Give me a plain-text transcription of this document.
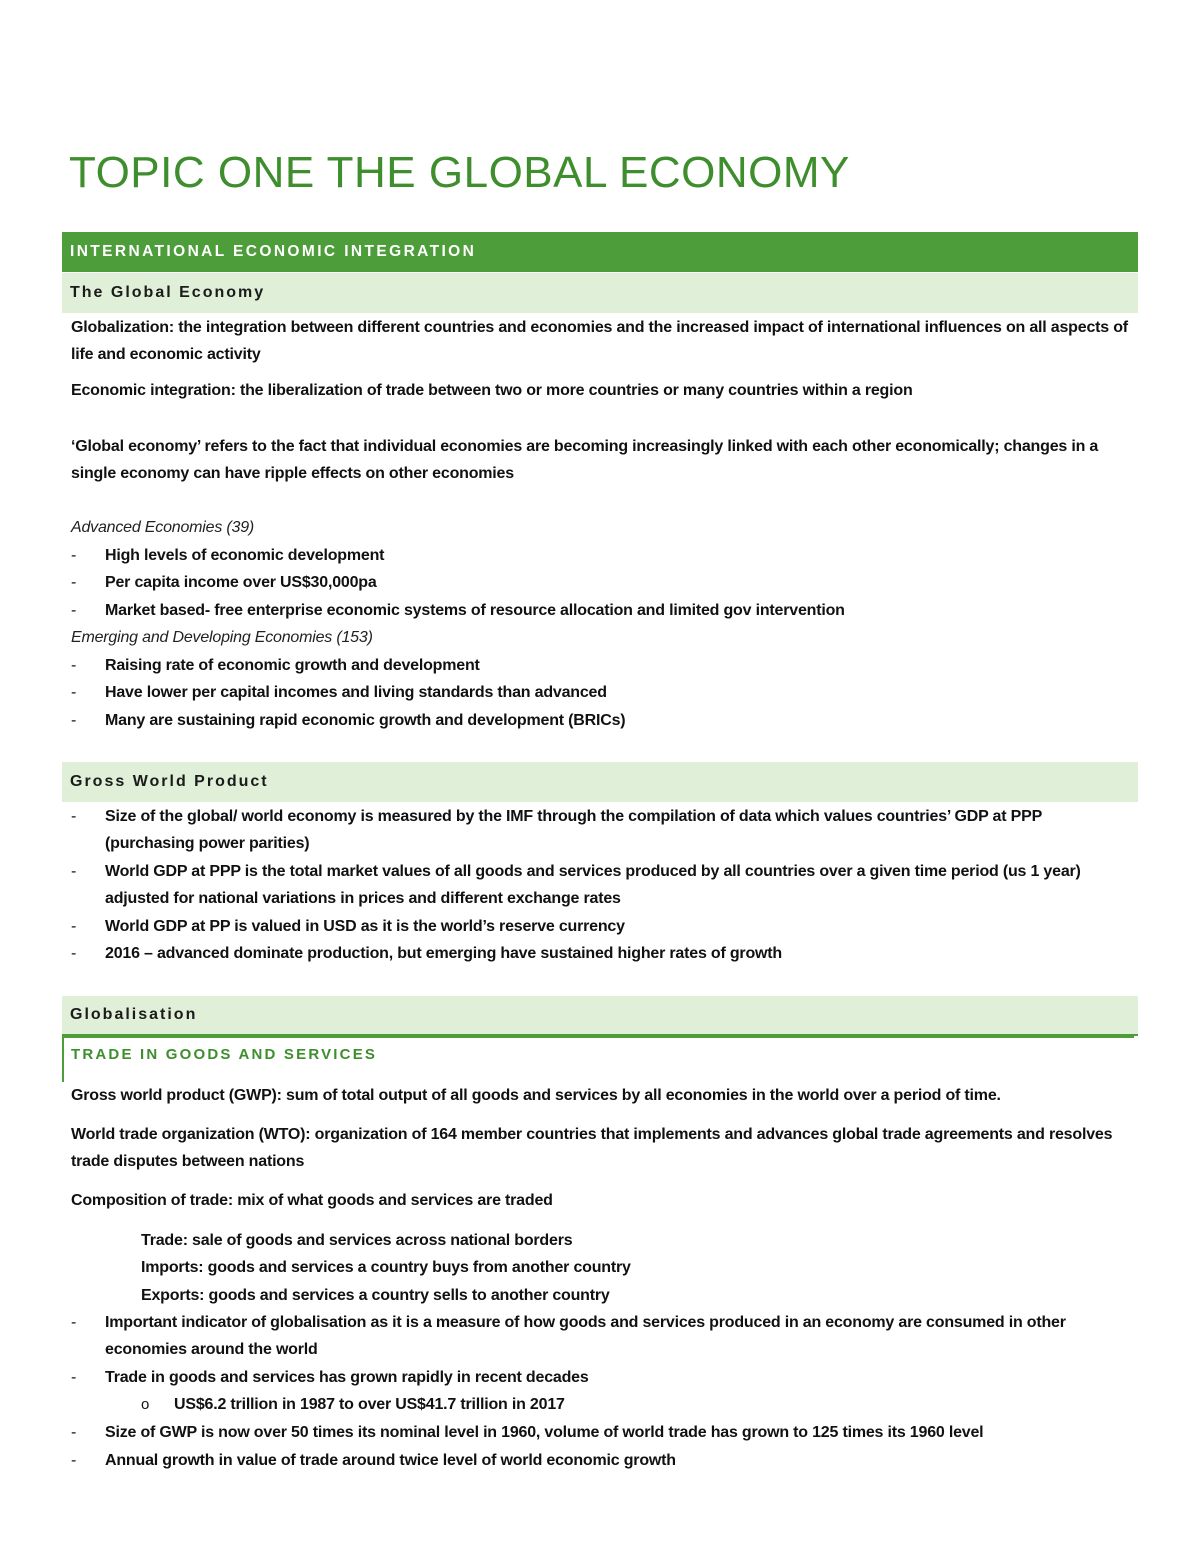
TOPIC ONE THE GLOBAL ECONOMY
INTERNATIONAL ECONOMIC INTEGRATION
The Global Economy

Globalization: the integration between different countries and economies and the increased impact of international influences on all aspects of life and economic activity

Economic integration: the liberalization of trade between two or more countries or many countries within a region

‘Global economy’ refers to the fact that individual economies are becoming increasingly linked with each other economically; changes in a single economy can have ripple effects on other economies

Advanced Economies (39)

- High levels of economic development

- Per capita income over US$30,000pa

- Market based- free enterprise economic systems of resource allocation and limited gov intervention

Emerging and Developing Economies (153)

- Raising rate of economic growth and development

- Have lower per capital incomes and living standards than advanced

- Many are sustaining rapid economic growth and development (BRICs)

Gross World Product
- Size of the global/ world economy is measured by the IMF through the compilation of data which values countries’ GDP at PPP (purchasing power parities)

- World GDP at PPP is the total market values of all goods and services produced by all countries over a given time period (us 1 year) adjusted for national variations in prices and different exchange rates

- World GDP at PP is valued in USD as it is the world’s reserve currency

- 2016 – advanced dominate production, but emerging have sustained higher rates of growth

Globalisation
TRADE IN GOODS AND SERVICES

Gross world product (GWP): sum of total output of all goods and services by all economies in the world over a period of time.

World trade organization (WTO): organization of 164 member countries that implements and advances global trade agreements and resolves trade disputes between nations

Composition of trade: mix of what goods and services are traded

Trade: sale of goods and services across national borders

Imports: goods and services a country buys from another country

Exports: goods and services a country sells to another country

- Important indicator of globalisation as it is a measure of how goods and services produced in an economy are consumed in other economies around the world

- Trade in goods and services has grown rapidly in recent decades

o US$6.2 trillion in 1987 to over US$41.7 trillion in 2017

- Size of GWP is now over 50 times its nominal level in 1960, volume of world trade has grown to 125 times its 1960 level

- Annual growth in value of trade around twice level of world economic growth
